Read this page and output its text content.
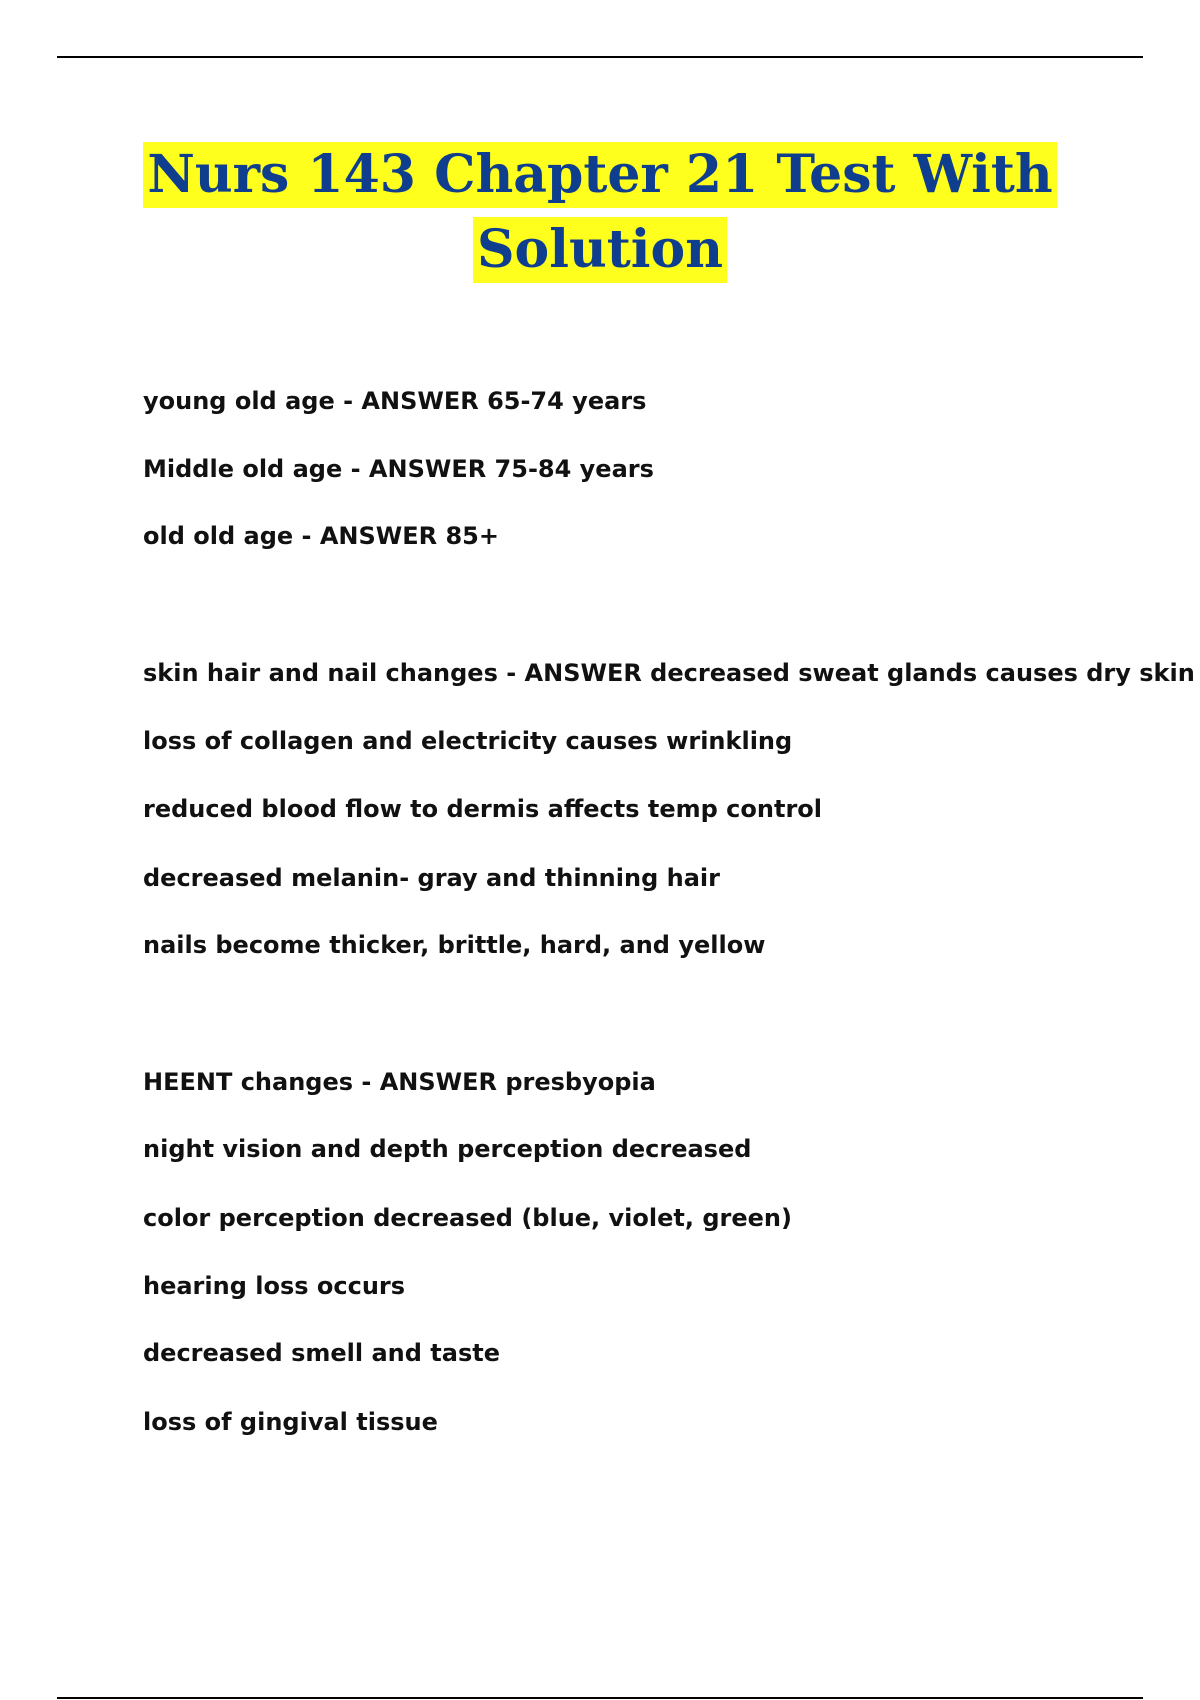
Nurs 143 Chapter 21 Test With
Solution
young old age - ANSWER 65-74 years
Middle old age - ANSWER 75-84 years
old old age - ANSWER 85+
skin hair and nail changes - ANSWER decreased sweat glands causes dry skin
loss of collagen and electricity causes wrinkling
reduced blood flow to dermis affects temp control
decreased melanin- gray and thinning hair
nails become thicker, brittle, hard, and yellow
HEENT changes - ANSWER presbyopia
night vision and depth perception decreased
color perception decreased (blue, violet, green)
hearing loss occurs
decreased smell and taste
loss of gingival tissue
